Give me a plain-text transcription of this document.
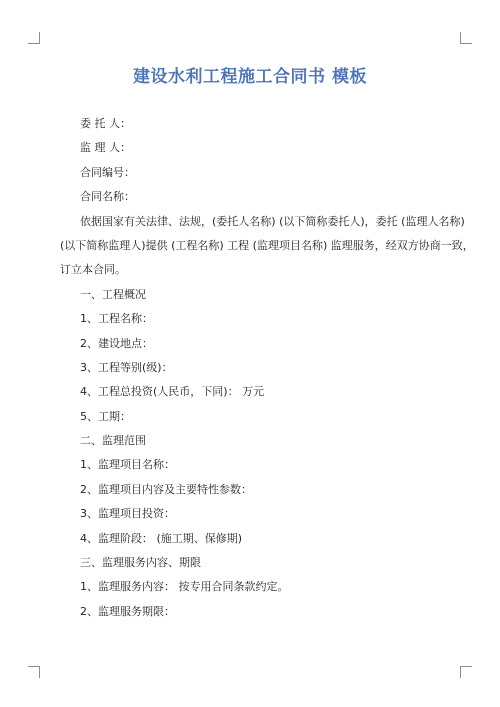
建设水利工程施工合同书 模板
委 托 人：
监 理 人：
合同编号：
合同名称：
依据国家有关法律、法规，(委托人名称) (以下简称委托人)，委托 (监理人名称)
(以下简称监理人)提供 (工程名称) 工程 (监理项目名称) 监理服务，经双方协商一致，
订立本合同。
一、工程概况
1、工程名称：
2、建设地点：
3、工程等别(级)：
4、工程总投资(人民币，下同)： 万元
5、工期：
二、监理范围
1、监理项目名称：
2、监理项目内容及主要特性参数：
3、监理项目投资：
4、监理阶段： (施工期、保修期)
三、监理服务内容、期限
1、监理服务内容： 按专用合同条款约定。
2、监理服务期限：
